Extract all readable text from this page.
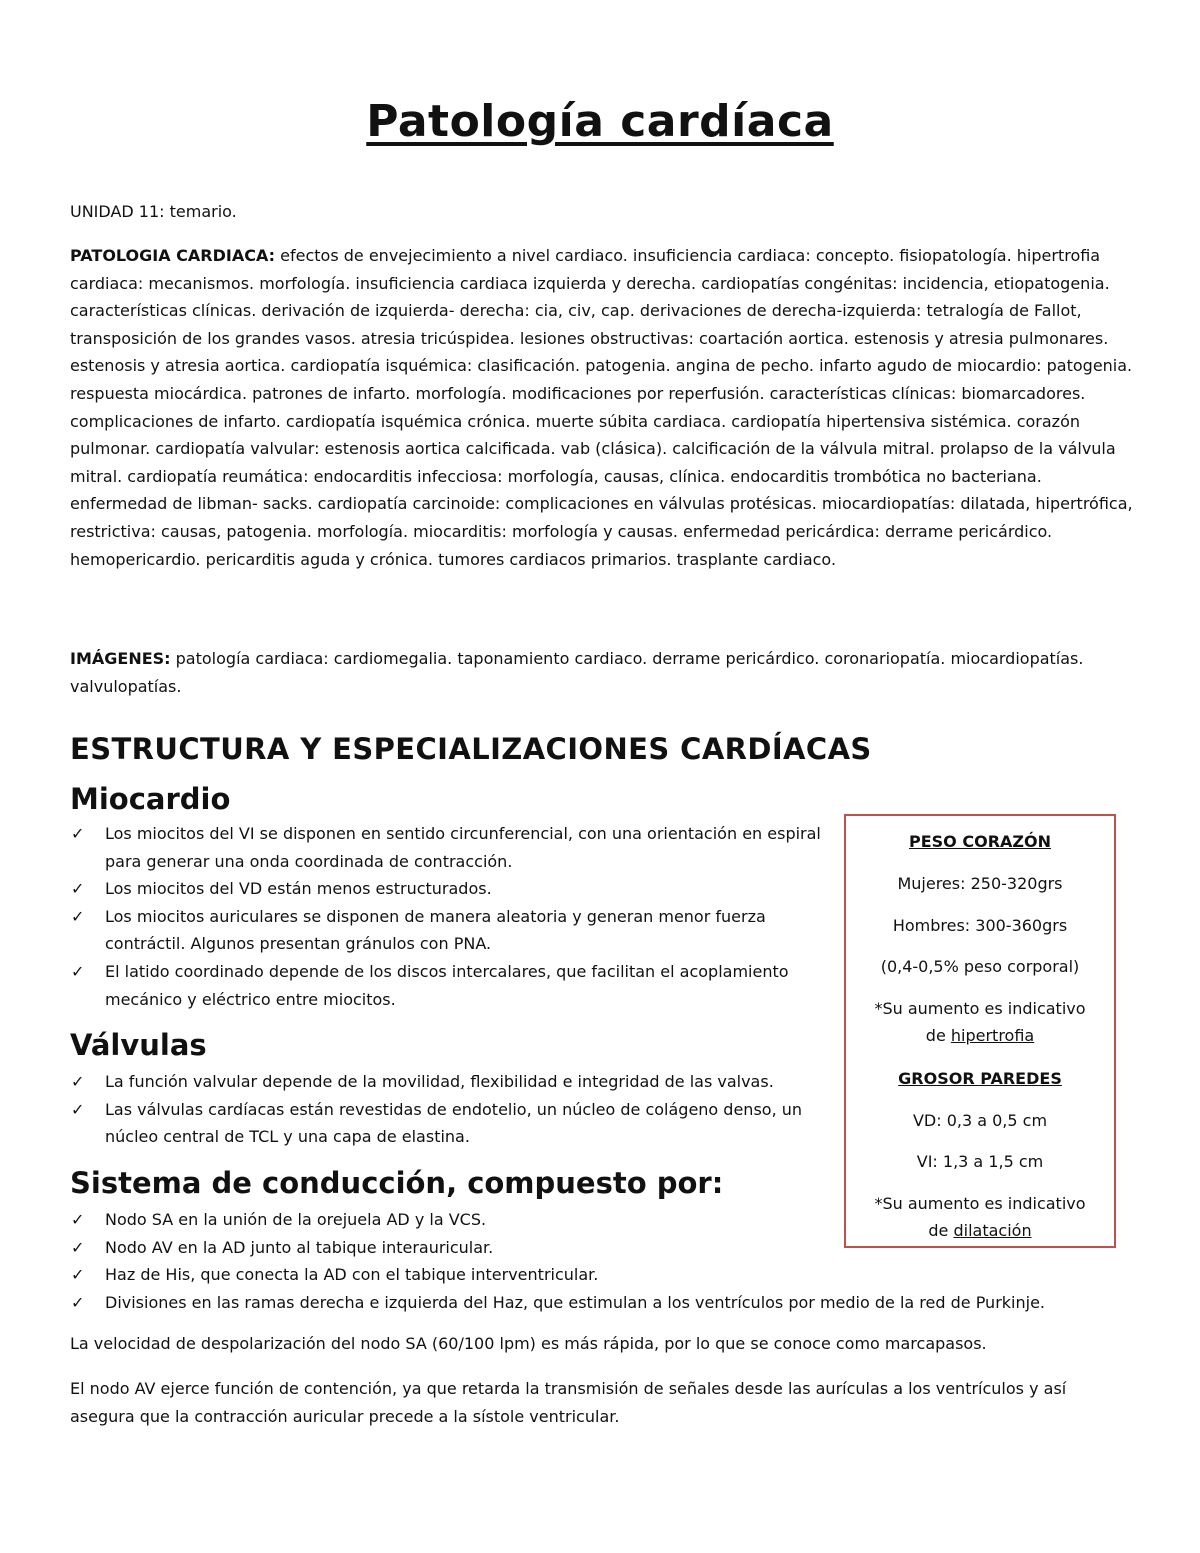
Patología cardíaca

UNIDAD 11: temario.

PATOLOGIA CARDIACA: efectos de envejecimiento a nivel cardiaco. insuficiencia cardiaca: concepto. fisiopatología. hipertrofia cardiaca: mecanismos. morfología. insuficiencia cardiaca izquierda y derecha. cardiopatías congénitas: incidencia, etiopatogenia. características clínicas. derivación de izquierda- derecha: cia, civ, cap. derivaciones de derecha-izquierda: tetralogía de Fallot, transposición de los grandes vasos. atresia tricúspidea. lesiones obstructivas: coartación aortica. estenosis y atresia pulmonares. estenosis y atresia aortica. cardiopatía isquémica: clasificación. patogenia. angina de pecho. infarto agudo de miocardio: patogenia. respuesta miocárdica. patrones de infarto. morfología. modificaciones por reperfusión. características clínicas: biomarcadores. complicaciones de infarto. cardiopatía isquémica crónica. muerte súbita cardiaca. cardiopatía hipertensiva sistémica. corazón pulmonar. cardiopatía valvular: estenosis aortica calcificada. vab (clásica). calcificación de la válvula mitral. prolapso de la válvula mitral. cardiopatía reumática: endocarditis infecciosa: morfología, causas, clínica. endocarditis trombótica no bacteriana. enfermedad de libman- sacks. cardiopatía carcinoide: complicaciones en válvulas protésicas. miocardiopatías: dilatada, hipertrófica, restrictiva: causas, patogenia. morfología. miocarditis: morfología y causas. enfermedad pericárdica: derrame pericárdico. hemopericardio. pericarditis aguda y crónica. tumores cardiacos primarios. trasplante cardiaco.

IMÁGENES: patología cardiaca: cardiomegalia. taponamiento cardiaco. derrame pericárdico. coronariopatía. miocardiopatías. valvulopatías.

ESTRUCTURA Y ESPECIALIZACIONES CARDÍACAS
Miocardio
✓ Los miocitos del VI se disponen en sentido circunferencial, con una orientación en espiral para generar una onda coordinada de contracción.
✓ Los miocitos del VD están menos estructurados.
✓ Los miocitos auriculares se disponen de manera aleatoria y generan menor fuerza contráctil. Algunos presentan gránulos con PNA.
✓ El latido coordinado depende de los discos intercalares, que facilitan el acoplamiento mecánico y eléctrico entre miocitos.
Válvulas
✓ La función valvular depende de la movilidad, flexibilidad e integridad de las valvas.
✓ Las válvulas cardíacas están revestidas de endotelio, un núcleo de colágeno denso, un núcleo central de TCL y una capa de elastina.
Sistema de conducción, compuesto por:
✓ Nodo SA en la unión de la orejuela AD y la VCS.
✓ Nodo AV en la AD junto al tabique interauricular.
✓ Haz de His, que conecta la AD con el tabique interventricular.
✓ Divisiones en las ramas derecha e izquierda del Haz, que estimulan a los ventrículos por medio de la red de Purkinje.

La velocidad de despolarización del nodo SA (60/100 lpm) es más rápida, por lo que se conoce como marcapasos.

El nodo AV ejerce función de contención, ya que retarda la transmisión de señales desde las aurículas a los ventrículos y así asegura que la contracción auricular precede a la sístole ventricular.

PESO CORAZÓN
Mujeres: 250-320grs
Hombres: 300-360grs
(0,4-0,5% peso corporal)
*Su aumento es indicativo
de hipertrofia
GROSOR PAREDES
VD: 0,3 a 0,5 cm
VI: 1,3 a 1,5 cm
*Su aumento es indicativo
de dilatación
